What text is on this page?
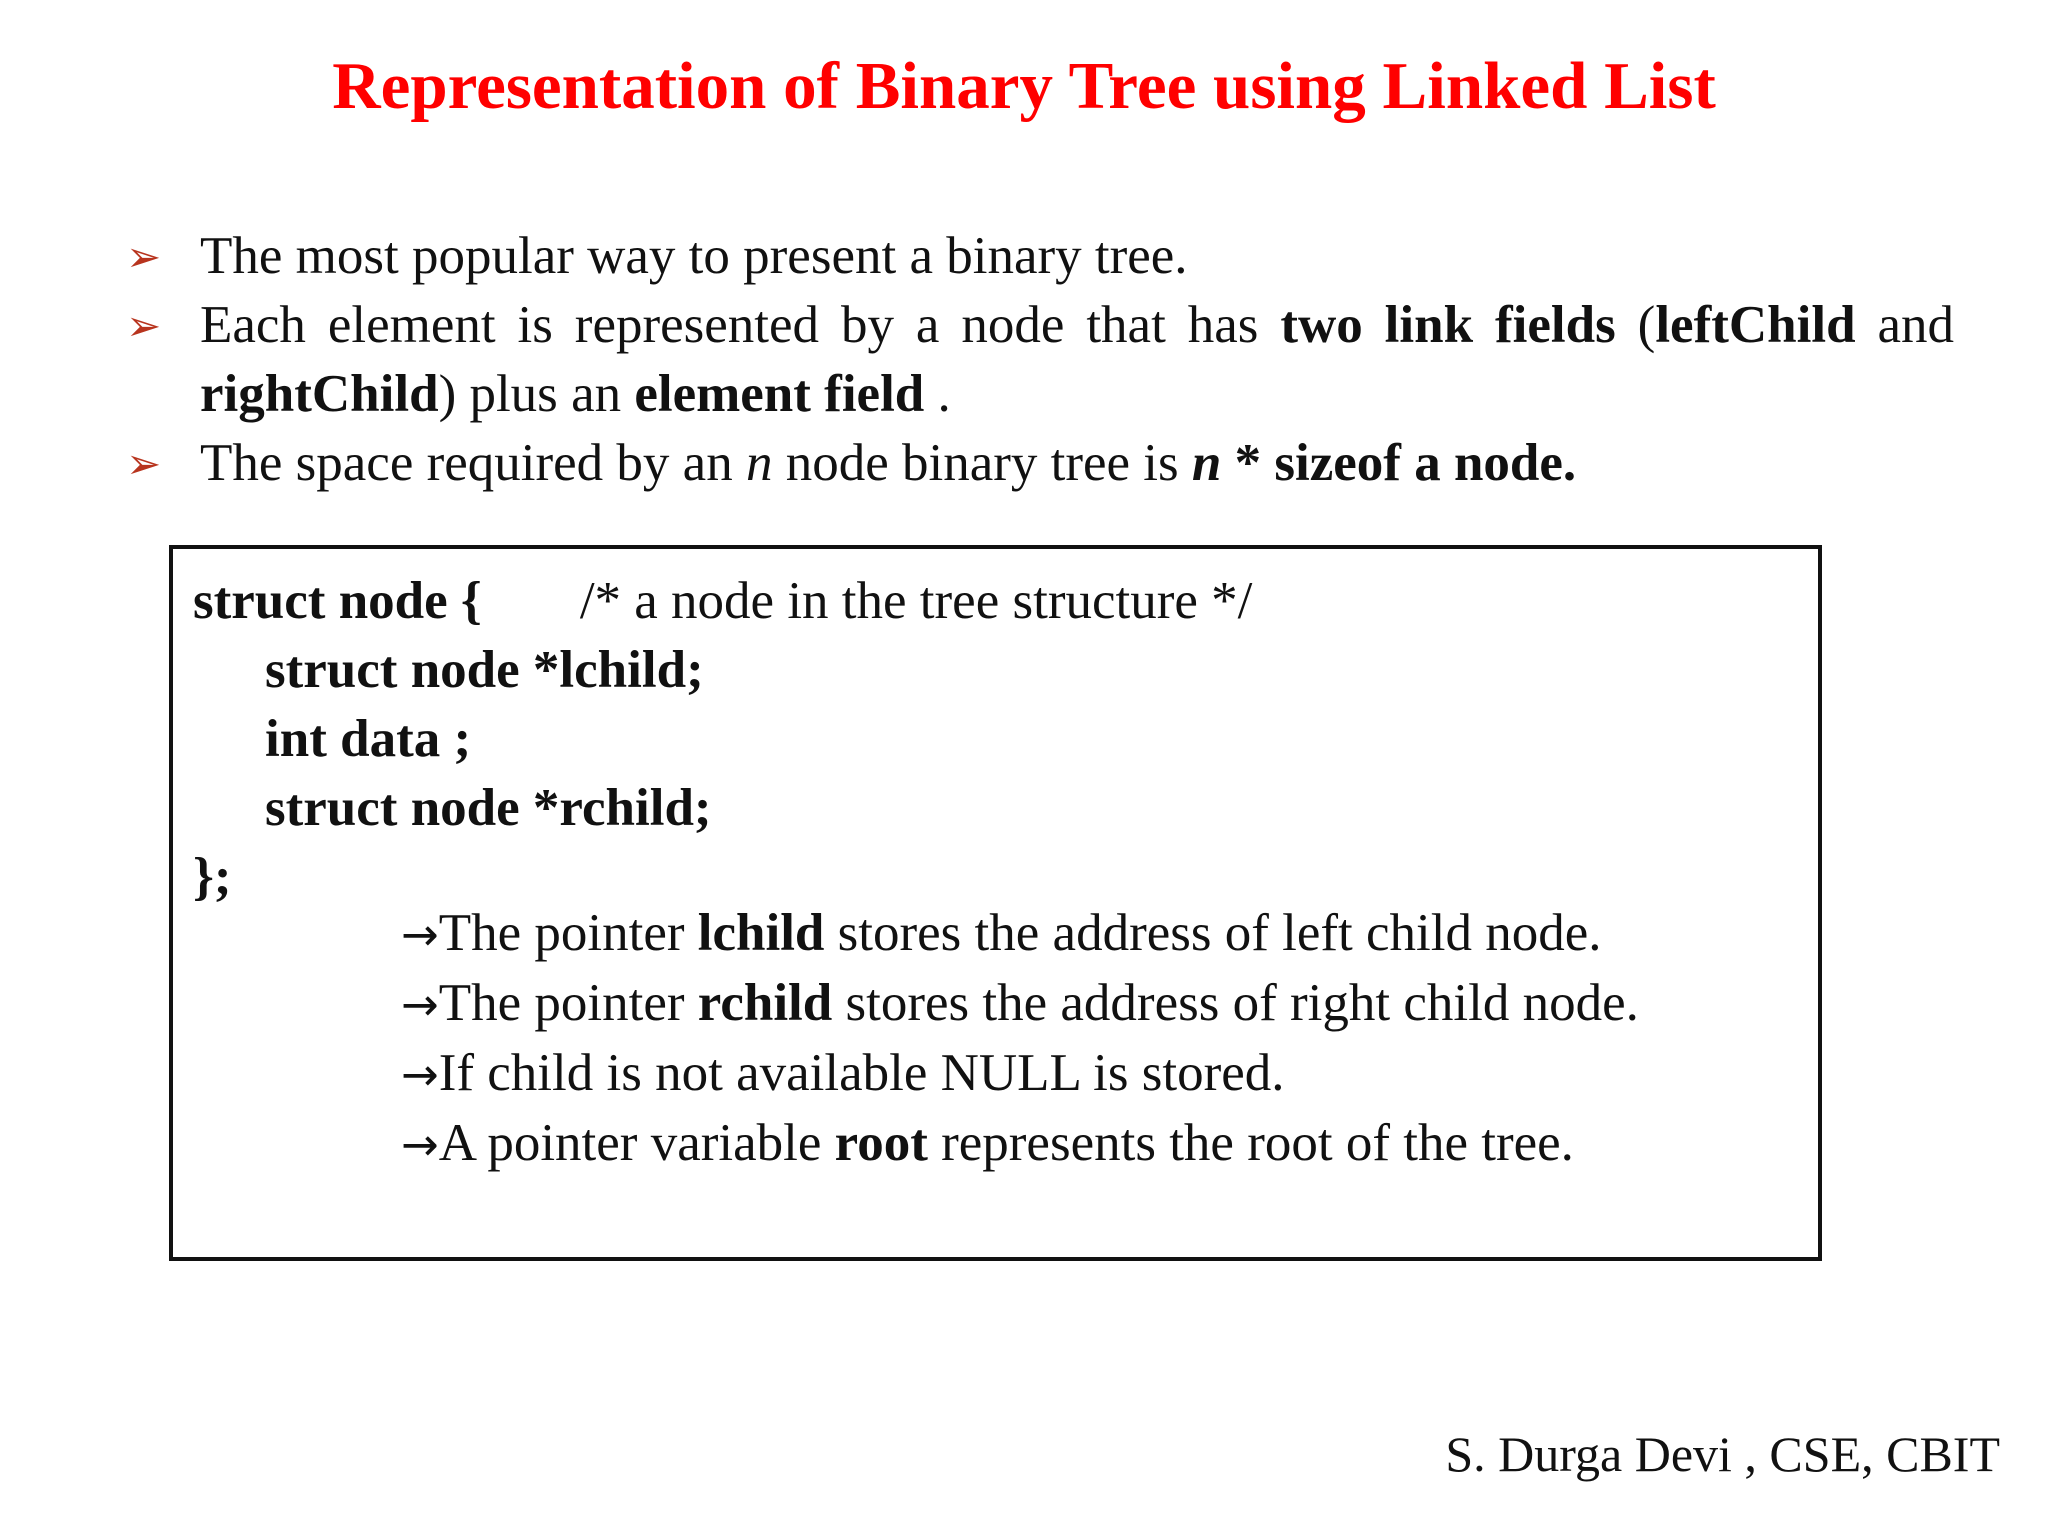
Representation of Binary Tree using Linked List
➢ The most popular way to present a binary tree.
➢ Each element is represented by a node that has two link fields (leftChild and rightChild) plus an element field .
➢ The space required by an n node binary tree is n * sizeof a node.
struct node { /* a node in the tree structure */
struct node *lchild;
int data ;
struct node *rchild;
};
→The pointer lchild stores the address of left child node.
→The pointer rchild stores the address of right child node.
→If child is not available NULL is stored.
→A pointer variable root represents the root of the tree.
S. Durga Devi , CSE, CBIT
